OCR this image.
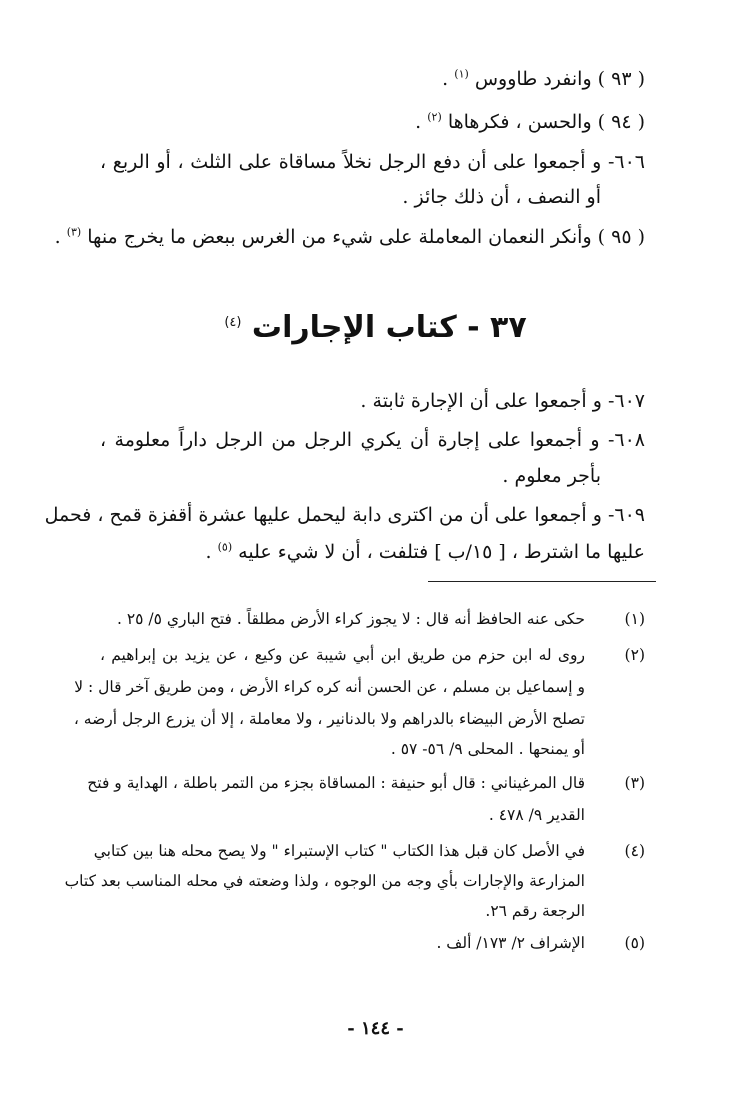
( ٩٣ ) وانفرد طاووس $^{(١)}$ .
( ٩٤ ) والحسن ، فكرهاها $^{(٢)}$ .
٦٠٦- و أجمعوا على أن دفع الرجل نخلاً مساقاة على الثلث ، أو الربع ،
أو النصف ، أن ذلك جائز .
( ٩٥ ) وأنكر النعمان المعاملة على شيء من الغرس ببعض ما يخرج منها $^{(٣)}$ .
٣٧ - كتاب الإجارات $^{(٤)}$
٦٠٧- و أجمعوا على أن الإجارة ثابتة .
٦٠٨- و أجمعوا على إجارة أن يكري الرجل من الرجل داراً معلومة ،
بأجر معلوم .
٦٠٩- و أجمعوا على أن من اكترى دابة ليحمل عليها عشرة أقفزة قمح ، فحمل
عليها ما اشترط ، [ ١٥/ب ] فتلفت ، أن لا شيء عليه $^{(٥)}$ .
(١)
حكى عنه الحافظ أنه قال : لا يجوز كراء الأرض مطلقاً . فتح الباري ٥/ ٢٥ .
(٢)
روى له ابن حزم من طريق ابن أبي شيبة عن وكيع ، عن يزيد بن إبراهيم ،
و إسماعيل بن مسلم ، عن الحسن أنه كره كراء الأرض ، ومن طريق آخر قال : لا
تصلح الأرض البيضاء بالدراهم ولا بالدنانير ، ولا معاملة ، إلا أن يزرع الرجل أرضه ،
أو يمنحها . المحلى ٩/ ٥٦- ٥٧ .
(٣)
قال المرغيناني : قال أبو حنيفة : المساقاة بجزء من التمر باطلة ، الهداية و فتح
القدير ٩/ ٤٧٨ .
(٤)
في الأصل كان قبل هذا الكتاب " كتاب الإستبراء " ولا يصح محله هنا بين كتابي
المزارعة والإجارات بأي وجه من الوجوه ، ولذا وضعته في محله المناسب بعد كتاب
الرجعة رقم ٢٦.
(٥)
الإشراف ٢/ ١٧٣/ ألف .
- ١٤٤ -
